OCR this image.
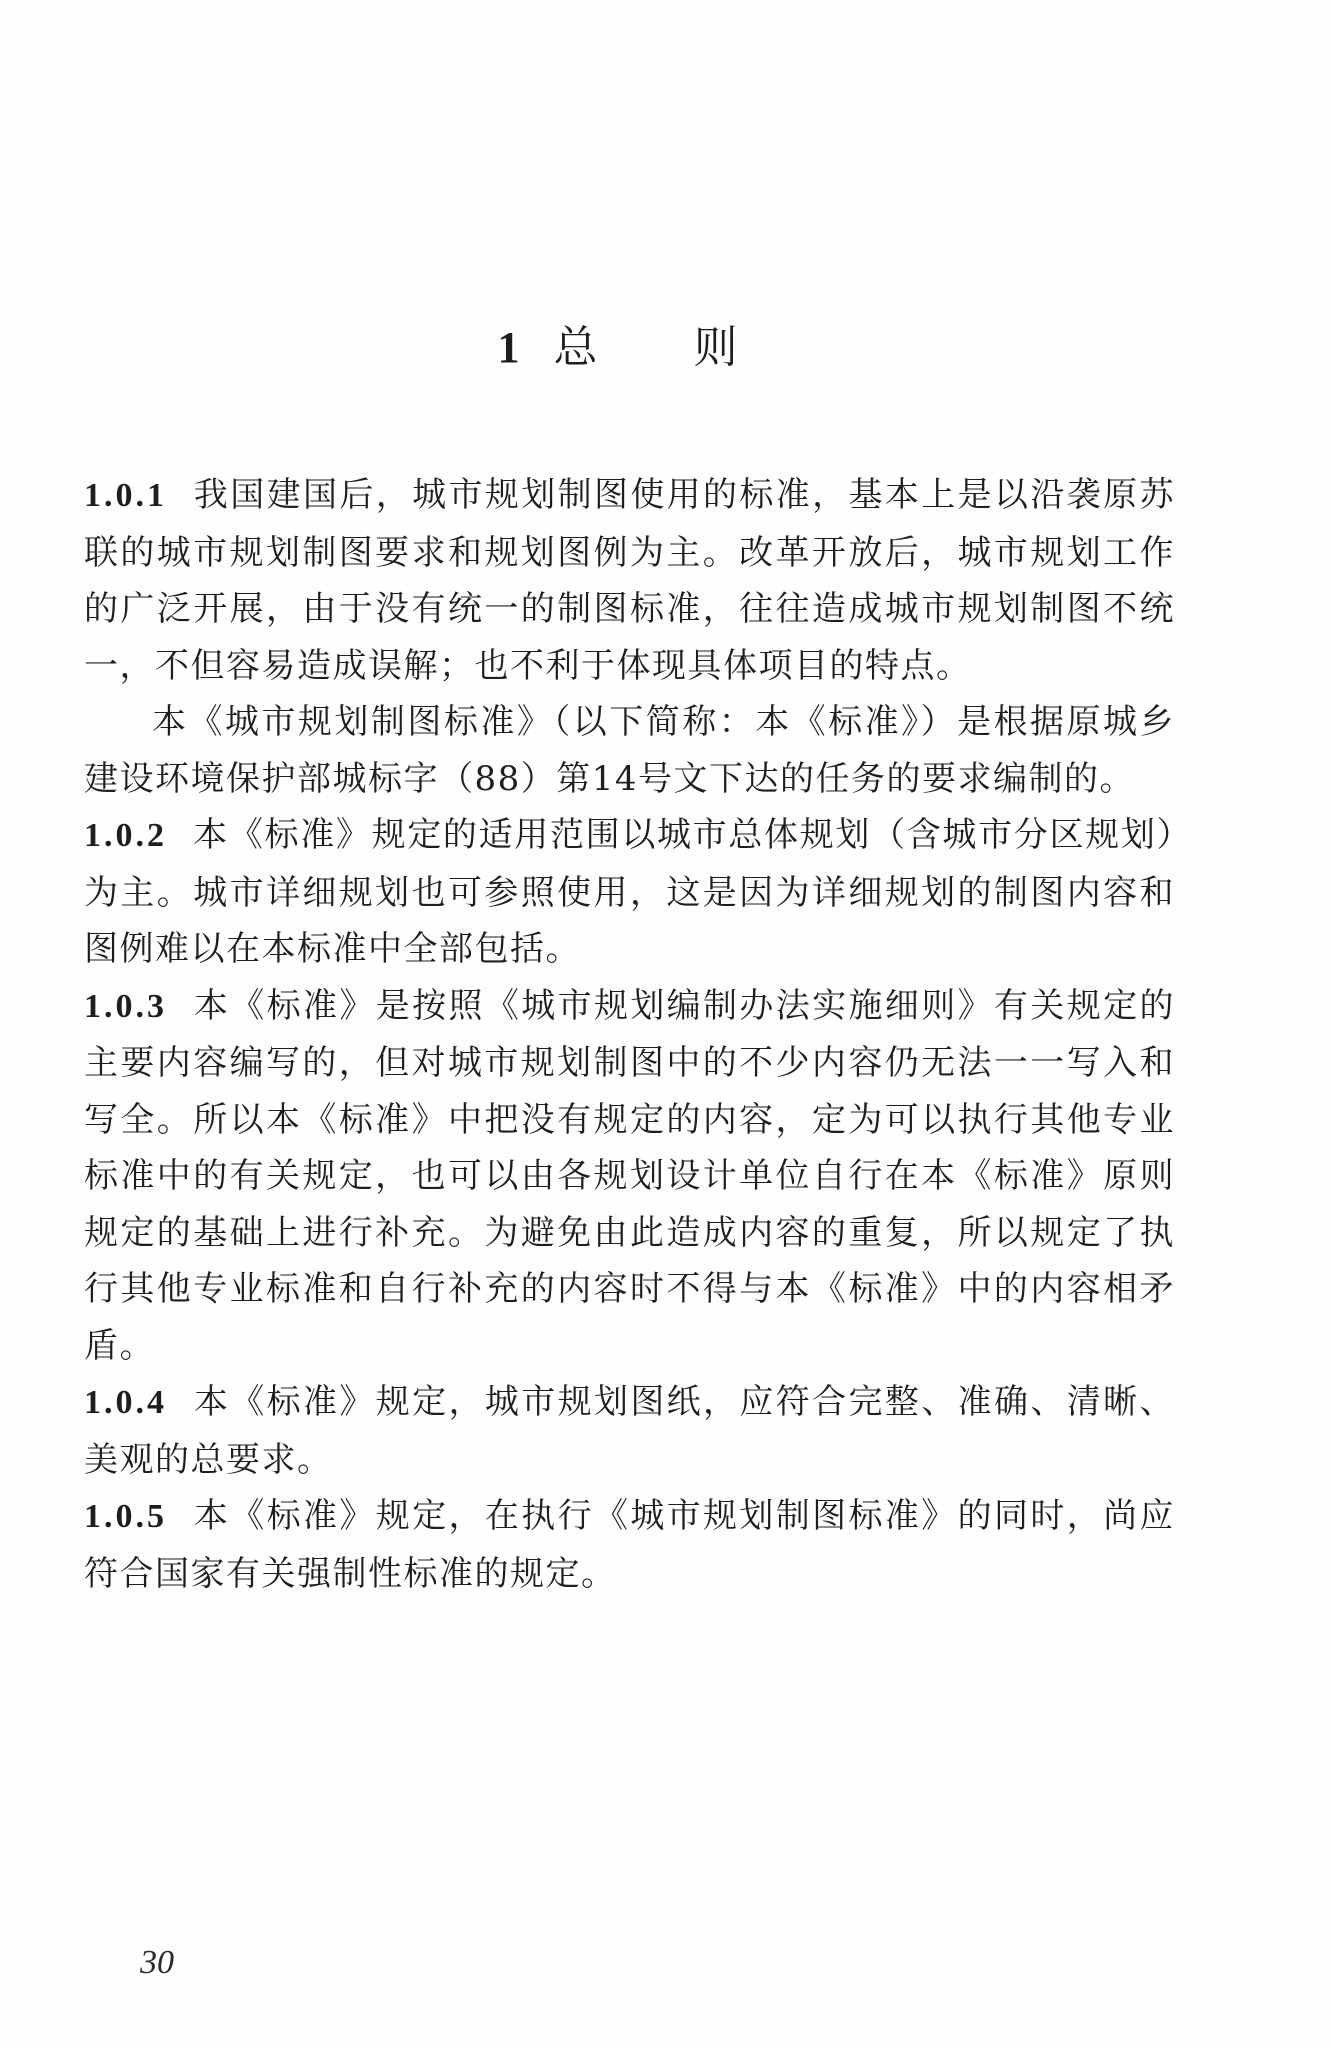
1 总则

1.0.1 我国建国后，城市规划制图使用的标准，基本上是以沿袭原苏联的城市规划制图要求和规划图例为主。改革开放后，城市规划工作的广泛开展，由于没有统一的制图标准，往往造成城市规划制图不统一，不但容易造成误解；也不利于体现具体项目的特点。

本《城市规划制图标准》（以下简称：本《标准》）是根据原城乡建设环境保护部城标字（88）第14号文下达的任务的要求编制的。

1.0.2 本《标准》规定的适用范围以城市总体规划（含城市分区规划）为主。城市详细规划也可参照使用，这是因为详细规划的制图内容和图例难以在本标准中全部包括。

1.0.3 本《标准》是按照《城市规划编制办法实施细则》有关规定的主要内容编写的，但对城市规划制图中的不少内容仍无法一一写入和写全。所以本《标准》中把没有规定的内容，定为可以执行其他专业标准中的有关规定，也可以由各规划设计单位自行在本《标准》原则规定的基础上进行补充。为避免由此造成内容的重复，所以规定了执行其他专业标准和自行补充的内容时不得与本《标准》中的内容相矛盾。

1.0.4 本《标准》规定，城市规划图纸，应符合完整、准确、清晰、美观的总要求。

1.0.5 本《标准》规定，在执行《城市规划制图标准》的同时，尚应符合国家有关强制性标准的规定。

30
